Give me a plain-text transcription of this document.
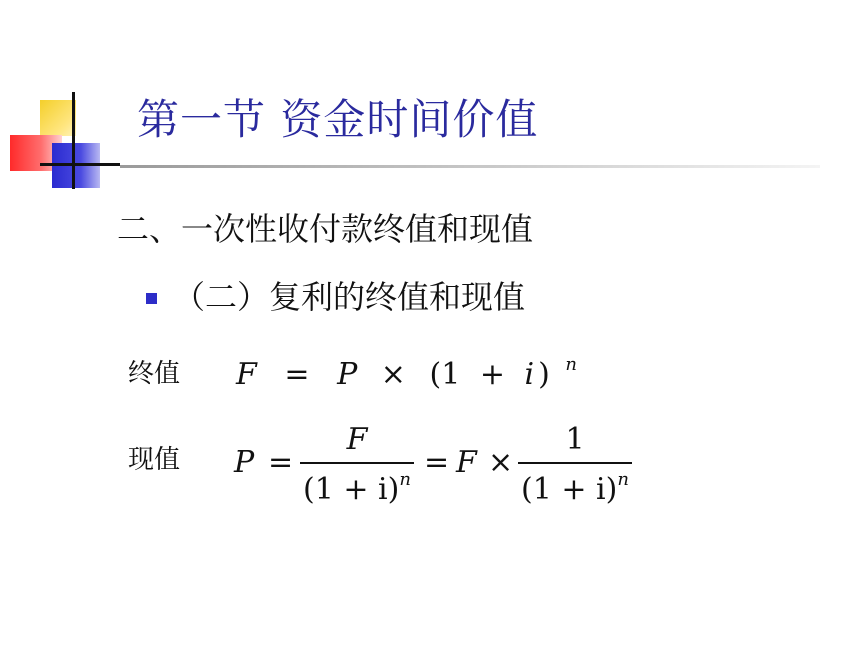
第一节 资金时间价值
二、一次性收付款终值和现值
（二）复利的终值和现值
终值 F = P × (1 + i ) n
现值 P =
F
$(1 + i)^n = F$ ×
1
$(1 + i)^n$
